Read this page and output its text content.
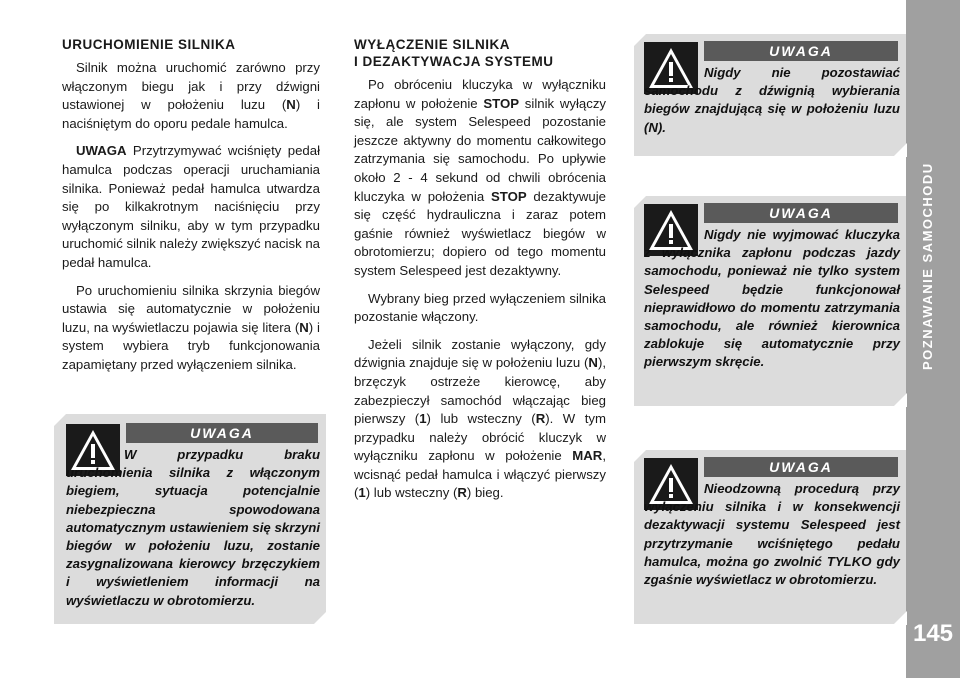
POZNAWANIE SAMOCHODU
145
URUCHOMIENIE SILNIKA

Silnik można uruchomić zarówno przy włączonym biegu jak i przy dźwigni ustawionej w położeniu luzu (N) i naciśniętym do oporu pedale hamulca.

UWAGA Przytrzymywać wciśnięty pedał hamulca podczas operacji uruchamiania silnika. Ponieważ pedał hamulca utwardza się po kilkakrotnym naciśnięciu przy wyłączonym silniku, aby w tym przypadku uruchomić silnik należy zwiększyć nacisk na pedał hamulca.

Po uruchomieniu silnika skrzynia biegów ustawia się automatycznie w położeniu luzu, na wyświetlaczu pojawia się litera (N) i system wybiera tryb funkcjonowania zapamiętany przed wyłączeniem silnika.

WYŁĄCZENIE SILNIKA
I DEZAKTYWACJA SYSTEMU

Po obróceniu kluczyka w wyłączniku zapłonu w położenie STOP silnik wyłączy się, ale system Selespeed pozostanie jeszcze aktywny do momentu całkowitego zatrzymania się samochodu. Po upływie około 2 - 4 sekund od chwili obrócenia kluczyka w położenia STOP dezaktywuje się część hydrauliczna i zaraz potem gaśnie również wyświetlacz biegów w obrotomierzu; dopiero od tego momentu system Selespeed jest dezaktywny.

Wybrany bieg przed wyłączeniem silnika pozostanie włączony.

Jeżeli silnik zostanie wyłączony, gdy dźwignia znajduje się w położeniu luzu (N), brzęczyk ostrzeże kierowcę, aby zabezpieczył samochód włączając bieg pierwszy (1) lub wsteczny (R). W tym przypadku należy obrócić kluczyk w wyłączniku zapłonu w położenie MAR, wcisnąć pedał hamulca i włączyć pierwszy (1) lub wsteczny (R) bieg.

UWAGA
W przypadku braku uruchomienia silnika z włączonym biegiem, sytuacja potencjalnie niebezpieczna spowodowana automatycznym ustawieniem się skrzyni biegów w położeniu luzu, zostanie zasygnalizowana kierowcy brzęczykiem i wyświetleniem informacji na wyświetlaczu w obrotomierzu.
UWAGA
Nigdy nie pozostawiać samochodu z dźwignią wybierania biegów znajdującą się w położeniu luzu (N).
UWAGA
Nigdy nie wyjmować kluczyka z wyłącznika zapłonu podczas jazdy samochodu, ponieważ nie tylko system Selespeed będzie funkcjonował nieprawidłowo do momentu zatrzymania samochodu, ale również kierownica zablokuje się automatycznie przy pierwszym skręcie.
UWAGA
Nieodzowną procedurą przy wyłączeniu silnika i w konsekwencji dezaktywacji systemu Selespeed jest przytrzymanie wciśniętego pedału hamulca, można go zwolnić TYLKO gdy zgaśnie wyświetlacz w obrotomierzu.
